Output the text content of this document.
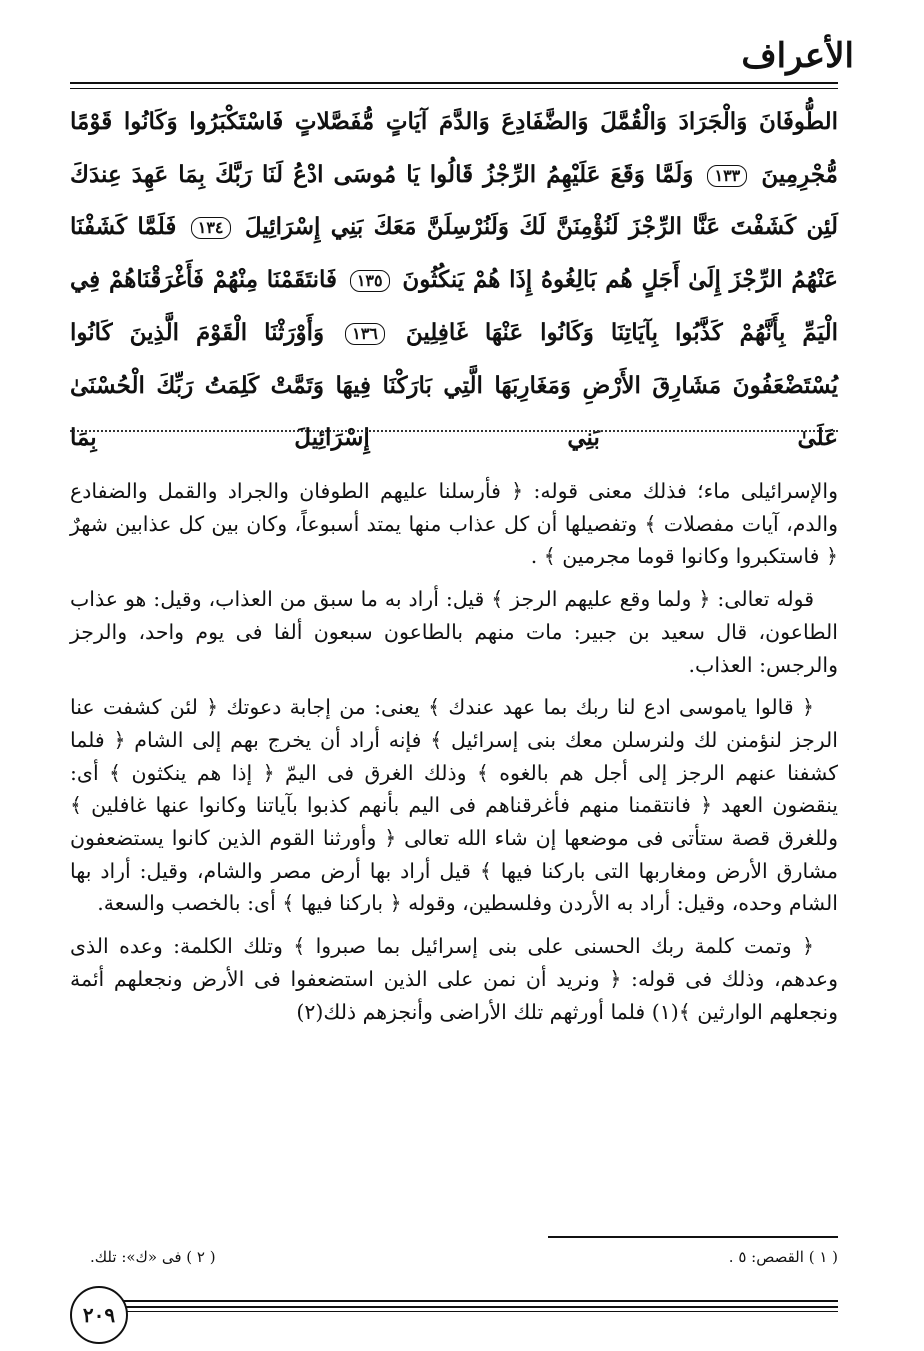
الأعراف
الطُّوفَانَ وَالْجَرَادَ وَالْقُمَّلَ وَالضَّفَادِعَ وَالدَّمَ آيَاتٍ مُّفَصَّلاتٍ فَاسْتَكْبَرُوا وَكَانُوا قَوْمًا مُّجْرِمِينَ ١٣٣ وَلَمَّا وَقَعَ عَلَيْهِمُ الرِّجْزُ قَالُوا يَا مُوسَى ادْعُ لَنَا رَبَّكَ بِمَا عَهِدَ عِندَكَ لَئِن كَشَفْتَ عَنَّا الرِّجْزَ لَنُؤْمِنَنَّ لَكَ وَلَنُرْسِلَنَّ مَعَكَ بَنِي إِسْرَائِيلَ ١٣٤ فَلَمَّا كَشَفْنَا عَنْهُمُ الرِّجْزَ إِلَىٰ أَجَلٍ هُم بَالِغُوهُ إِذَا هُمْ يَنكُثُونَ ١٣٥ فَانتَقَمْنَا مِنْهُمْ فَأَغْرَقْنَاهُمْ فِي الْيَمِّ بِأَنَّهُمْ كَذَّبُوا بِآيَاتِنَا وَكَانُوا عَنْهَا غَافِلِينَ ١٣٦ وَأَوْرَثْنَا الْقَوْمَ الَّذِينَ كَانُوا يُسْتَضْعَفُونَ مَشَارِقَ الأَرْضِ وَمَغَارِبَهَا الَّتِي بَارَكْنَا فِيهَا وَتَمَّتْ كَلِمَتُ رَبِّكَ الْحُسْنَىٰ عَلَىٰ بَنِي إِسْرَائِيلَ بِمَا

والإسرائيلى ماء؛ فذلك معنى قوله: ﴿ فأرسلنا عليهم الطوفان والجراد والقمل والضفادع والدم، آيات مفصلات ﴾ وتفصيلها أن كل عذاب منها يمتد أسبوعاً، وكان بين كل عذابين شهرٌ ﴿ فاستكبروا وكانوا قوما مجرمين ﴾ .

قوله تعالى: ﴿ ولما وقع عليهم الرجز ﴾ قيل: أراد به ما سبق من العذاب، وقيل: هو عذاب الطاعون، قال سعيد بن جبير: مات منهم بالطاعون سبعون ألفا فى يوم واحد، والرجز والرجس: العذاب.

﴿ قالوا ياموسى ادع لنا ربك بما عهد عندك ﴾ يعنى: من إجابة دعوتك ﴿ لئن كشفت عنا الرجز لنؤمنن لك ولنرسلن معك بنى إسرائيل ﴾ فإنه أراد أن يخرج بهم إلى الشام ﴿ فلما كشفنا عنهم الرجز إلى أجل هم بالغوه ﴾ وذلك الغرق فى اليمّ ﴿ إذا هم ينكثون ﴾ أى: ينقضون العهد ﴿ فانتقمنا منهم فأغرقناهم فى اليم بأنهم كذبوا بآياتنا وكانوا عنها غافلين ﴾ وللغرق قصة ستأتى فى موضعها إن شاء الله تعالى ﴿ وأورثنا القوم الذين كانوا يستضعفون مشارق الأرض ومغاربها التى باركنا فيها ﴾ قيل أراد بها أرض مصر والشام، وقيل: أراد بها الشام وحده، وقيل: أراد به الأردن وفلسطين، وقوله ﴿ باركنا فيها ﴾ أى: بالخصب والسعة.

﴿ وتمت كلمة ربك الحسنى على بنى إسرائيل بما صبروا ﴾ وتلك الكلمة: وعده الذى وعدهم، وذلك فى قوله: ﴿ ونريد أن نمن على الذين استضعفوا فى الأرض ونجعلهم أئمة ونجعلهم الوارثين ﴾(١) فلما أورثهم تلك الأراضى وأنجزهم ذلك(٢)

( ١ ) القصص: ٥ .
( ٢ ) فى «ك»: تلك.
٢٠٩
